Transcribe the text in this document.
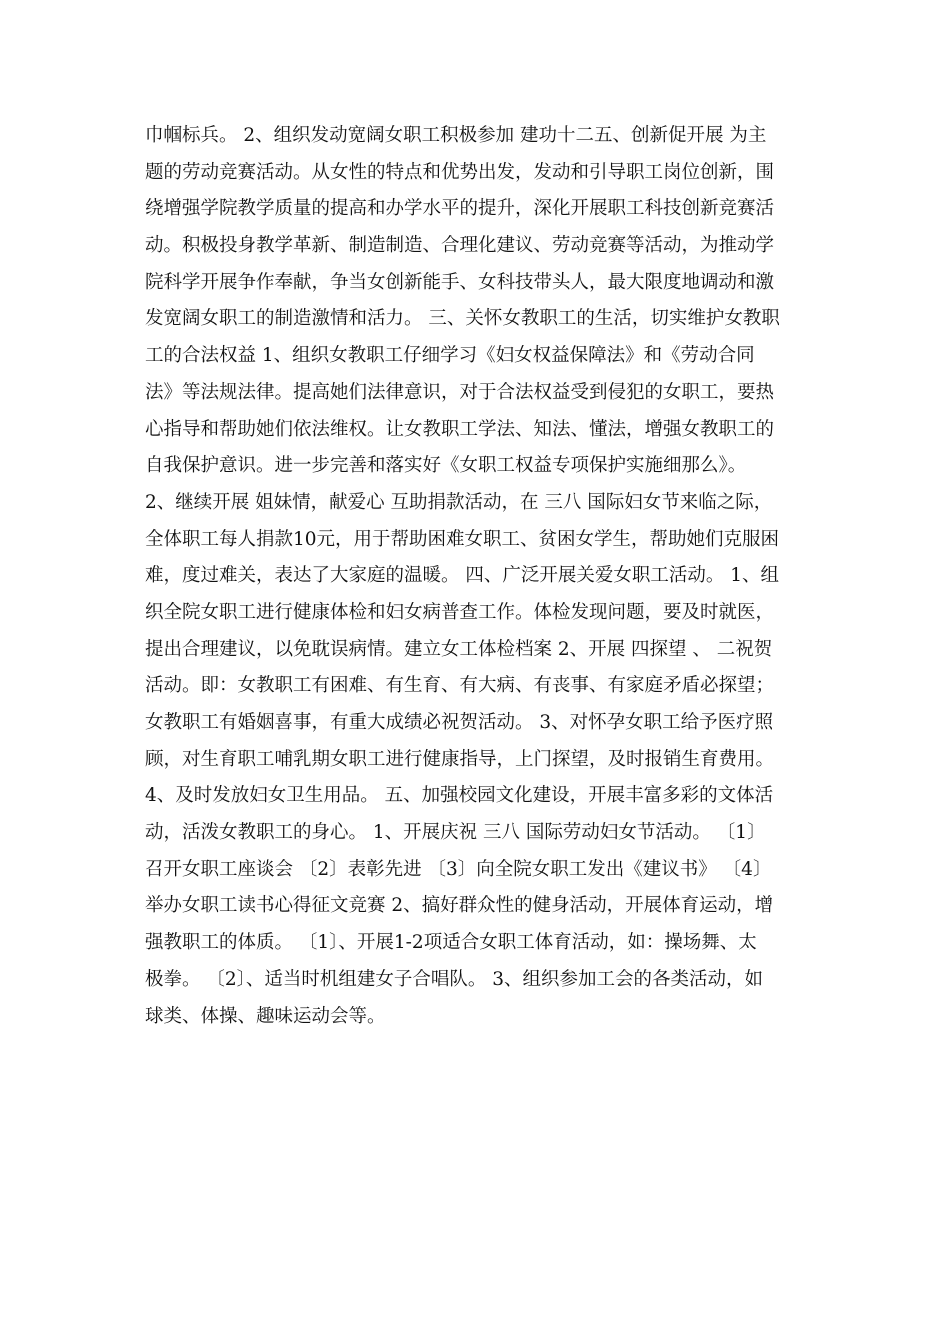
巾帼标兵。 2、组织发动宽阔女职工积极参加 建功十二五、创新促开展 为主
题的劳动竞赛活动。从女性的特点和优势出发，发动和引导职工岗位创新，围
绕增强学院教学质量的提高和办学水平的提升，深化开展职工科技创新竞赛活
动。积极投身教学革新、制造制造、合理化建议、劳动竞赛等活动，为推动学
院科学开展争作奉献，争当女创新能手、女科技带头人，最大限度地调动和激
发宽阔女职工的制造激情和活力。 三、关怀女教职工的生活，切实维护女教职
工的合法权益 1、组织女教职工仔细学习《妇女权益保障法》和《劳动合同
法》等法规法律。提高她们法律意识，对于合法权益受到侵犯的女职工，要热
心指导和帮助她们依法维权。让女教职工学法、知法、懂法，增强女教职工的
自我保护意识。进一步完善和落实好《女职工权益专项保护实施细那么》。
2、继续开展 姐妹情，献爱心 互助捐款活动，在 三八 国际妇女节来临之际，
全体职工每人捐款10元，用于帮助困难女职工、贫困女学生，帮助她们克服困
难，度过难关，表达了大家庭的温暖。 四、广泛开展关爱女职工活动。 1、组
织全院女职工进行健康体检和妇女病普查工作。体检发现问题，要及时就医，
提出合理建议，以免耽误病情。建立女工体检档案 2、开展 四探望 、 二祝贺
活动。即：女教职工有困难、有生育、有大病、有丧事、有家庭矛盾必探望；
女教职工有婚姻喜事，有重大成绩必祝贺活动。 3、对怀孕女职工给予医疗照
顾，对生育职工哺乳期女职工进行健康指导，上门探望，及时报销生育费用。
4、及时发放妇女卫生用品。 五、加强校园文化建设，开展丰富多彩的文体活
动，活泼女教职工的身心。 1、开展庆祝 三八 国际劳动妇女节活动。 〔1〕
召开女职工座谈会 〔2〕表彰先进 〔3〕向全院女职工发出《建议书》 〔4〕
举办女职工读书心得征文竞赛 2、搞好群众性的健身活动，开展体育运动，增
强教职工的体质。 〔1〕、开展1-2项适合女职工体育活动，如：操场舞、太
极拳。 〔2〕、适当时机组建女子合唱队。 3、组织参加工会的各类活动，如
球类、体操、趣味运动会等。
